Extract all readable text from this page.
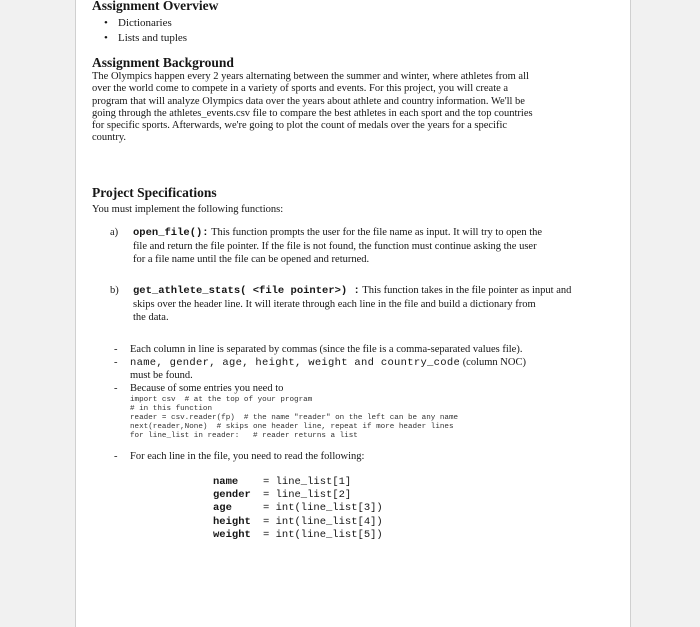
Assignment Overview
• Dictionaries
• Lists and tuples
Assignment Background

The Olympics happen every 2 years alternating between the summer and winter, where athletes from all
over the world come to compete in a variety of sports and events. For this project, you will create a
program that will analyze Olympics data over the years about athlete and country information. We'll be
going through the athletes_events.csv file to compare the best athletes in each sport and the top countries
for specific sports. Afterwards, we're going to plot the count of medals over the years for a specific
country.

Project Specifications

You must implement the following functions:

a) open_file(): This function prompts the user for the file name as input. It will try to open the
file and return the file pointer. If the file is not found, the function must continue asking the user
for a file name until the file can be opened and returned.
b) get_athlete_stats( <file pointer>) : This function takes in the file pointer as input and
skips over the header line. It will iterate through each line in the file and build a dictionary from
the data.
- Each column in line is separated by commas (since the file is a comma-separated values file).
- name, gender, age, height, weight and country_code (column NOC)
must be found.
- Because of some entries you need to
import csv  # at the top of your program
# in this function
reader = csv.reader(fp)  # the name "reader" on the left can be any name
next(reader,None)  # skips one header line, repeat if more header lines
for line_list in reader:   # reader returns a list
- For each line in the file, you need to read the following:
name = line_list[1]
gender = line_list[2]
age	= int(line_list[3])
height = int(line_list[4])
weight = int(line_list[5])
